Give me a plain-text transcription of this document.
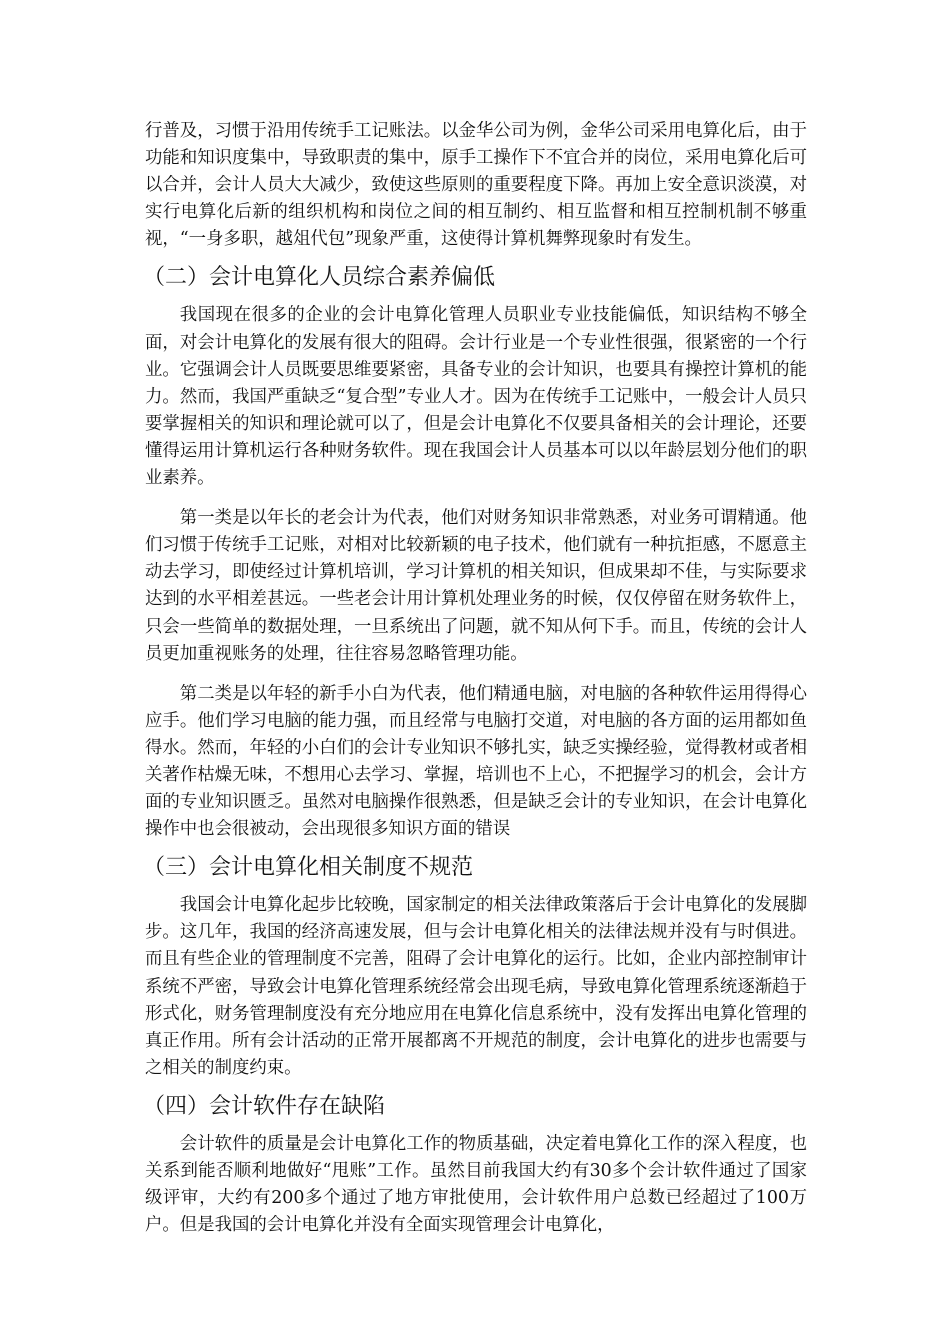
行普及，习惯于沿用传统手工记账法。以金华公司为例，金华公司采用电算化后，由于功能和知识度集中，导致职责的集中，原手工操作下不宜合并的岗位，采用电算化后可以合并，会计人员大大减少，致使这些原则的重要程度下降。再加上安全意识淡漠，对实行电算化后新的组织机构和岗位之间的相互制约、相互监督和相互控制机制不够重视，“一身多职，越俎代包”现象严重，这使得计算机舞弊现象时有发生。

（二）会计电算化人员综合素养偏低

我国现在很多的企业的会计电算化管理人员职业专业技能偏低，知识结构不够全面，对会计电算化的发展有很大的阻碍。会计行业是一个专业性很强，很紧密的一个行业。它强调会计人员既要思维要紧密，具备专业的会计知识，也要具有操控计算机的能力。然而，我国严重缺乏“复合型”专业人才。因为在传统手工记账中，一般会计人员只要掌握相关的知识和理论就可以了，但是会计电算化不仅要具备相关的会计理论，还要懂得运用计算机运行各种财务软件。现在我国会计人员基本可以以年龄层划分他们的职业素养。

第一类是以年长的老会计为代表，他们对财务知识非常熟悉，对业务可谓精通。他们习惯于传统手工记账，对相对比较新颖的电子技术，他们就有一种抗拒感，不愿意主动去学习，即使经过计算机培训，学习计算机的相关知识，但成果却不佳，与实际要求达到的水平相差甚远。一些老会计用计算机处理业务的时候，仅仅停留在财务软件上，只会一些简单的数据处理，一旦系统出了问题，就不知从何下手。而且，传统的会计人员更加重视账务的处理，往往容易忽略管理功能。

第二类是以年轻的新手小白为代表，他们精通电脑，对电脑的各种软件运用得得心应手。他们学习电脑的能力强，而且经常与电脑打交道，对电脑的各方面的运用都如鱼得水。然而，年轻的小白们的会计专业知识不够扎实，缺乏实操经验，觉得教材或者相关著作枯燥无味，不想用心去学习、掌握，培训也不上心，不把握学习的机会，会计方面的专业知识匮乏。虽然对电脑操作很熟悉，但是缺乏会计的专业知识，在会计电算化操作中也会很被动，会出现很多知识方面的错误

（三）会计电算化相关制度不规范

我国会计电算化起步比较晚，国家制定的相关法律政策落后于会计电算化的发展脚步。这几年，我国的经济高速发展，但与会计电算化相关的法律法规并没有与时俱进。而且有些企业的管理制度不完善，阻碍了会计电算化的运行。比如，企业内部控制审计系统不严密，导致会计电算化管理系统经常会出现毛病，导致电算化管理系统逐渐趋于形式化，财务管理制度没有充分地应用在电算化信息系统中，没有发挥出电算化管理的真正作用。所有会计活动的正常开展都离不开规范的制度，会计电算化的进步也需要与之相关的制度约束。

（四）会计软件存在缺陷

会计软件的质量是会计电算化工作的物质基础，决定着电算化工作的深入程度，也关系到能否顺利地做好“甩账”工作。虽然目前我国大约有30多个会计软件通过了国家级评审，大约有200多个通过了地方审批使用，会计软件用户总数已经超过了100万户。但是我国的会计电算化并没有全面实现管理会计电算化，
